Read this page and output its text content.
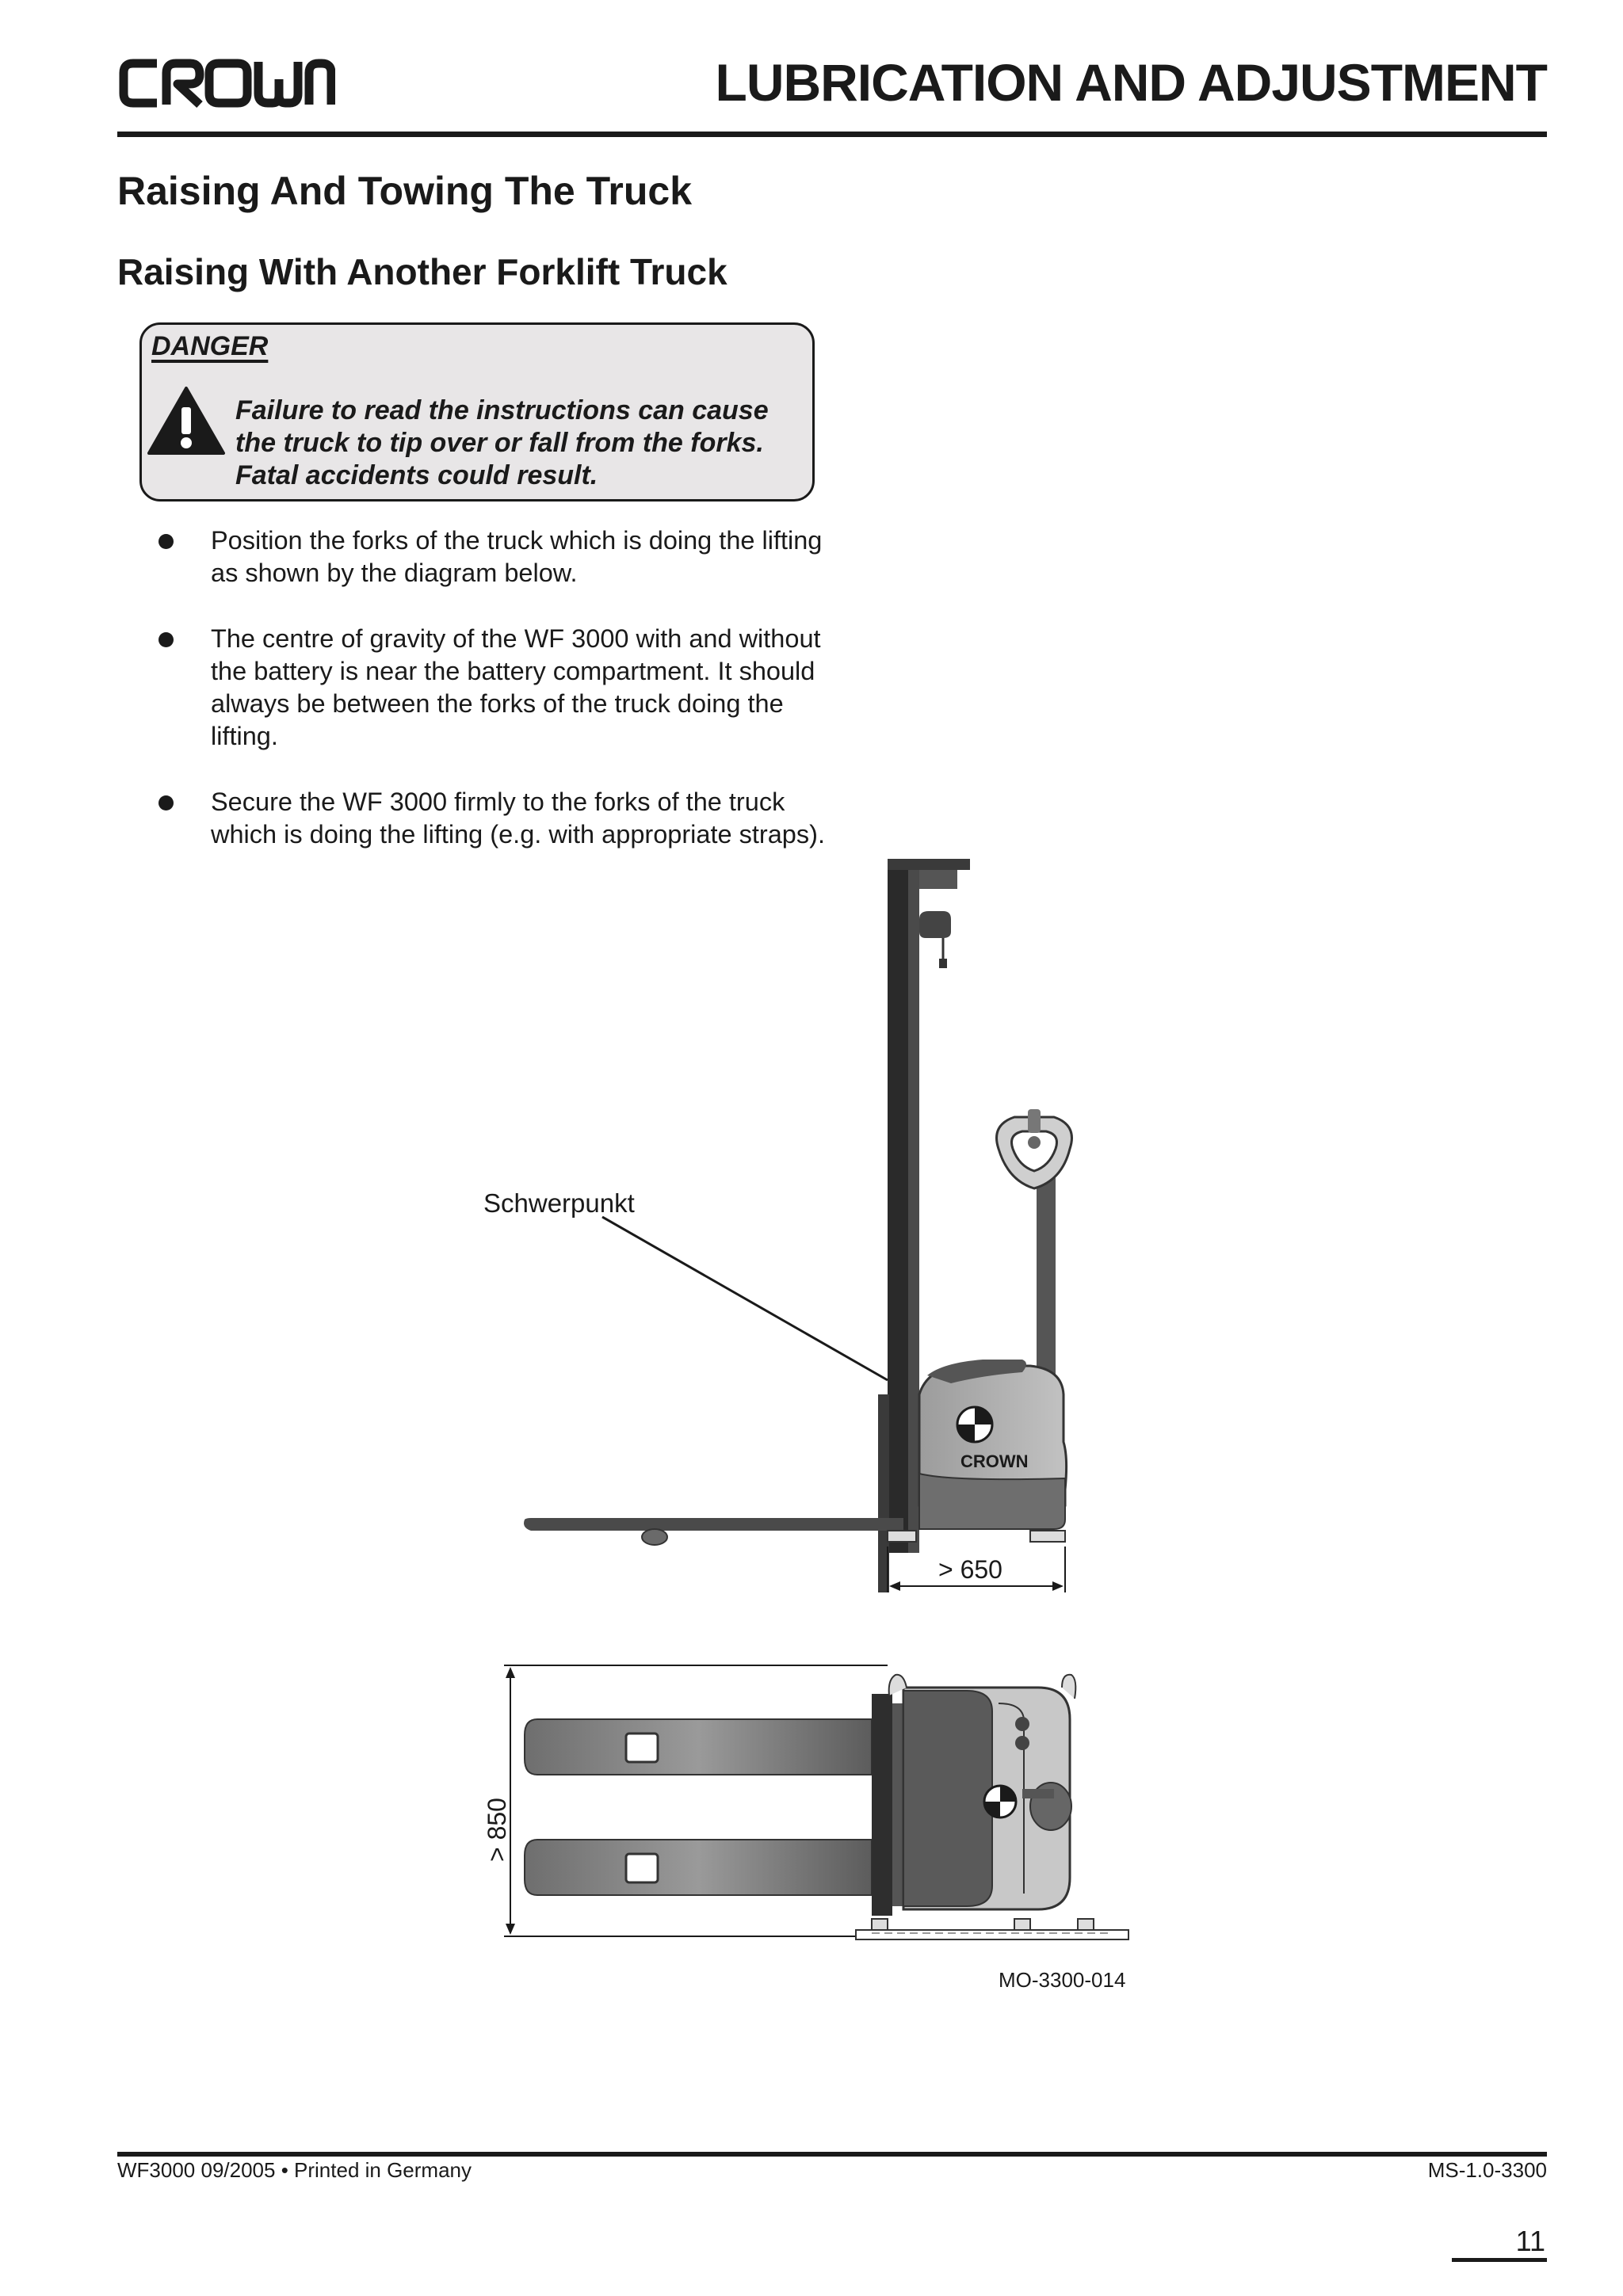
LUBRICATION AND ADJUSTMENT
Raising And Towing The Truck
Raising With Another Forklift Truck
DANGER
Failure to read the instructions can cause the truck to tip over or fall from the forks. Fatal accidents could result.
Position the forks of the truck which is doing the lifting as shown by the diagram below.
The centre of gravity of the WF 3000 with and without the battery is near the battery compartment. It should always be between the forks of the truck doing the lifting.
Secure the WF 3000 firmly to the forks of the truck which is doing the lifting (e.g. with appropriate straps).
CROWN
Schwerpunkt
> 650
> 850
MO-3300-014
WF3000 09/2005 • Printed in Germany	MS-1.0-3300
11
